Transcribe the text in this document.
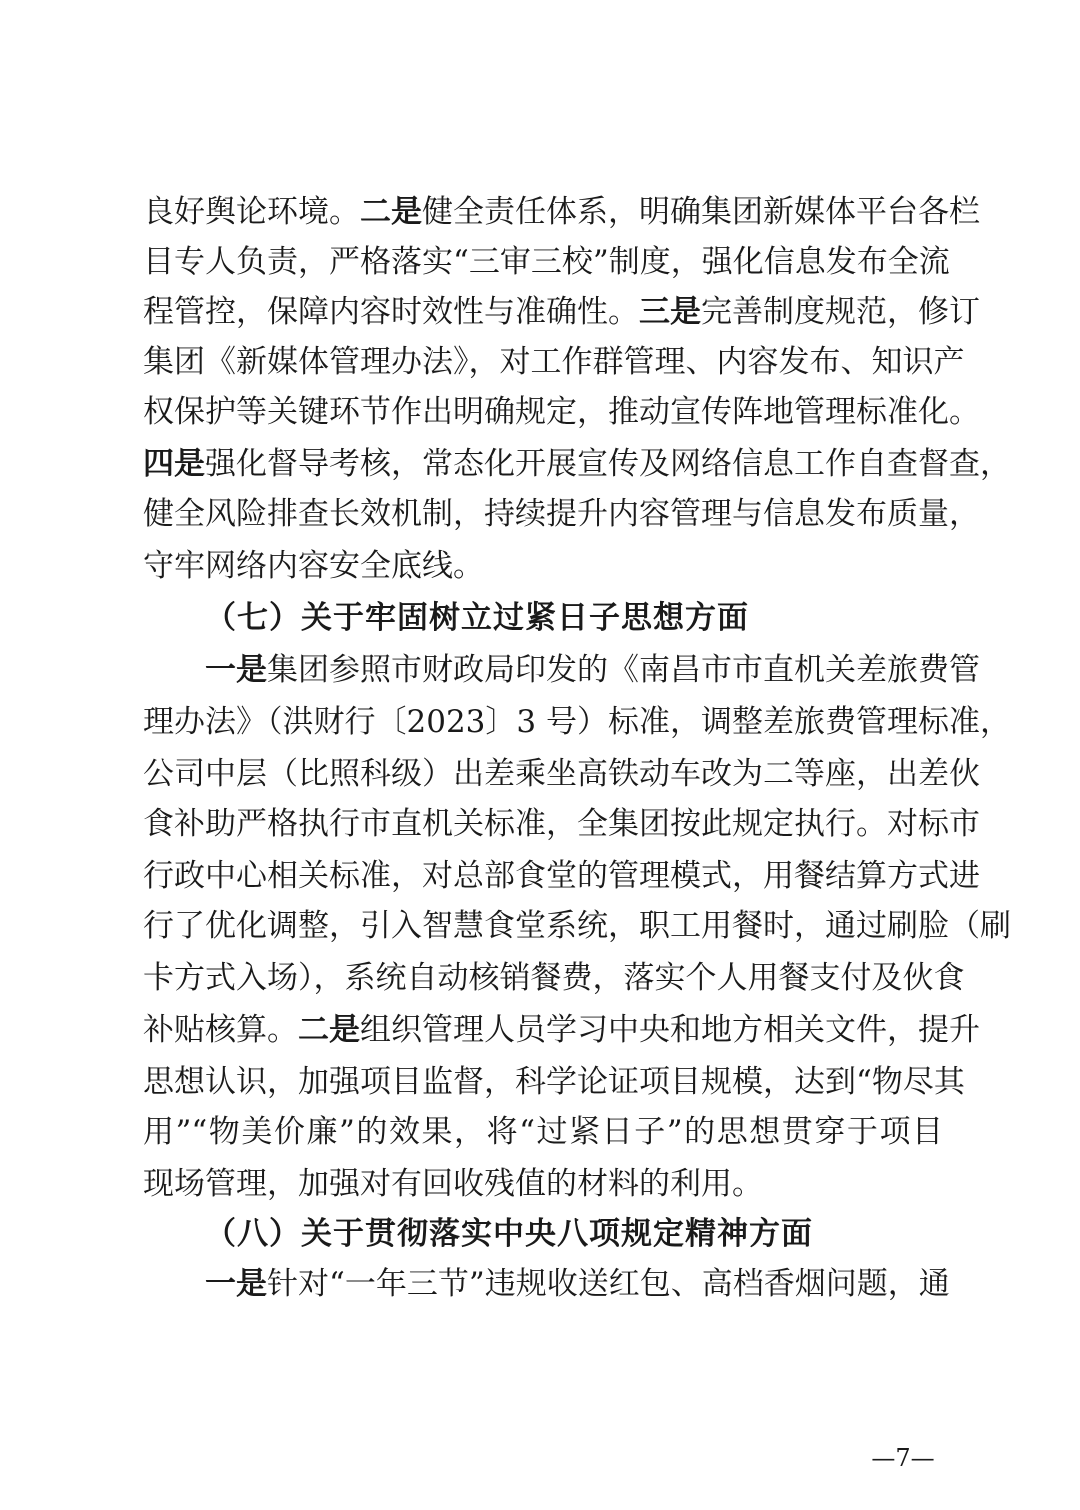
良好舆论环境。二是健全责任体系，明确集团新媒体平台各栏
目专人负责，严格落实“三审三校”制度，强化信息发布全流
程管控，保障内容时效性与准确性。三是完善制度规范，修订
集团《新媒体管理办法》，对工作群管理、内容发布、知识产
权保护等关键环节作出明确规定，推动宣传阵地管理标准化。
四是强化督导考核，常态化开展宣传及网络信息工作自查督查，
健全风险排查长效机制，持续提升内容管理与信息发布质量，
守牢网络内容安全底线。
（七）关于牢固树立过紧日子思想方面
一是集团参照市财政局印发的《南昌市市直机关差旅费管
理办法》（洪财行〔2023〕3 号）标准，调整差旅费管理标准，
公司中层（比照科级）出差乘坐高铁动车改为二等座，出差伙
食补助严格执行市直机关标准，全集团按此规定执行。对标市
行政中心相关标准，对总部食堂的管理模式，用餐结算方式进
行了优化调整，引入智慧食堂系统，职工用餐时，通过刷脸（刷
卡方式入场），系统自动核销餐费，落实个人用餐支付及伙食
补贴核算。二是组织管理人员学习中央和地方相关文件，提升
思想认识，加强项目监督，科学论证项目规模，达到“物尽其
用”“物美价廉”的效果，将“过紧日子”的思想贯穿于项目
现场管理，加强对有回收残值的材料的利用。
（八）关于贯彻落实中央八项规定精神方面
一是针对“一年三节”违规收送红包、高档香烟问题，通
—7—
